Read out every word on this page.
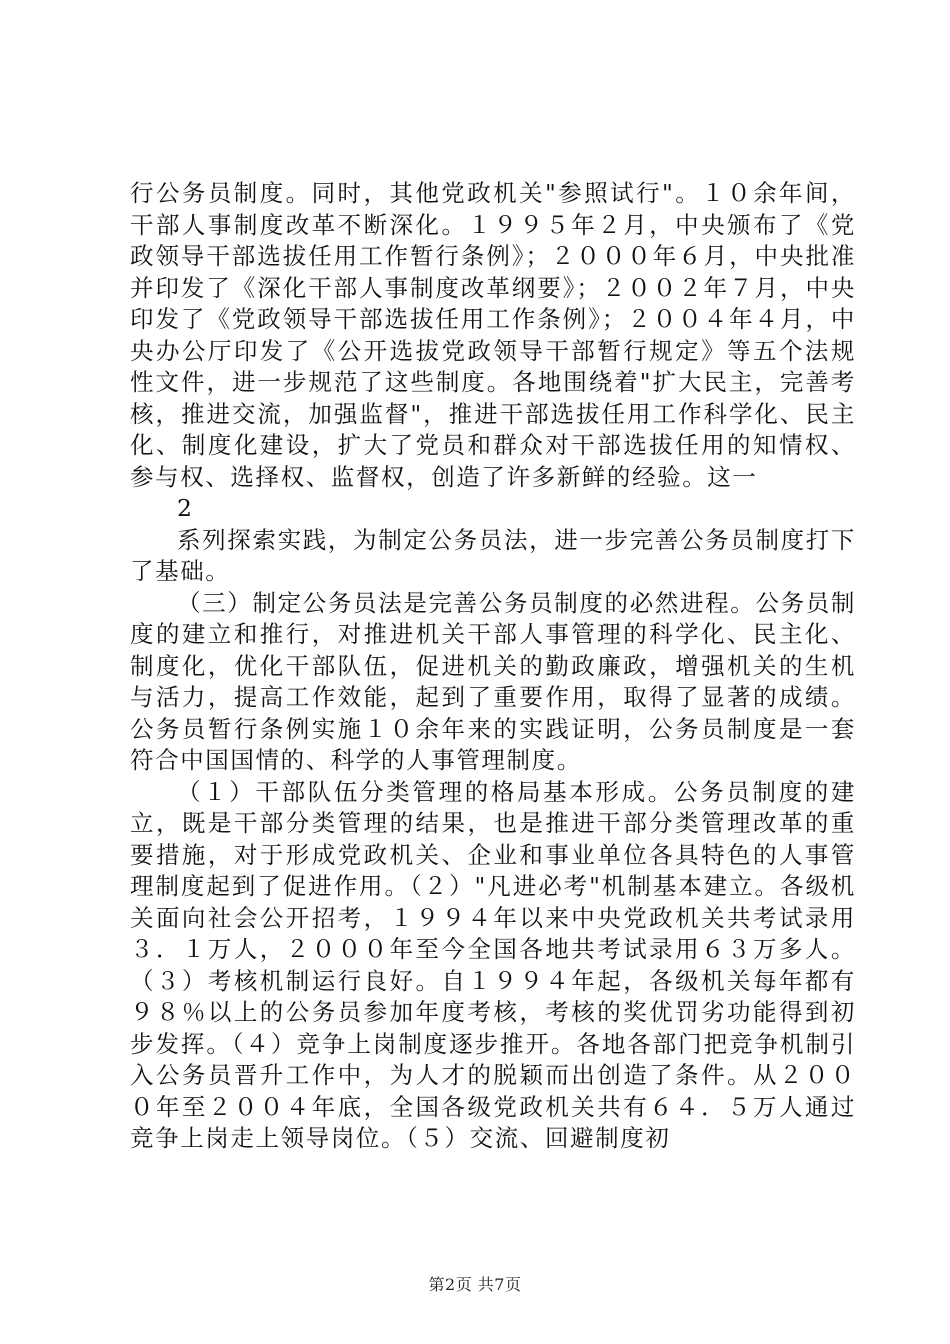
行公务员制度。同时，其他党政机关"参照试行"。１０余年间，干部人事制度改革不断深化。１９９５年２月，中央颁布了《党政领导干部选拔任用工作暂行条例》；２０００年６月，中央批准并印发了《深化干部人事制度改革纲要》；２００２年７月，中央印发了《党政领导干部选拔任用工作条例》；２００４年４月，中央办公厅印发了《公开选拔党政领导干部暂行规定》等五个法规性文件，进一步规范了这些制度。各地围绕着"扩大民主，完善考核，推进交流，加强监督"，推进干部选拔任用工作科学化、民主化、制度化建设，扩大了党员和群众对干部选拔任用的知情权、参与权、选择权、监督权，创造了许多新鲜的经验。这一

2

系列探索实践，为制定公务员法，进一步完善公务员制度打下了基础。

（三）制定公务员法是完善公务员制度的必然进程。公务员制度的建立和推行，对推进机关干部人事管理的科学化、民主化、制度化，优化干部队伍，促进机关的勤政廉政，增强机关的生机与活力，提高工作效能，起到了重要作用，取得了显著的成绩。公务员暂行条例实施１０余年来的实践证明，公务员制度是一套符合中国国情的、科学的人事管理制度。

（１）干部队伍分类管理的格局基本形成。公务员制度的建立，既是干部分类管理的结果，也是推进干部分类管理改革的重要措施，对于形成党政机关、企业和事业单位各具特色的人事管理制度起到了促进作用。（２）"凡进必考"机制基本建立。各级机关面向社会公开招考，１９９４年以来中央党政机关共考试录用３．１万人，２０００年至今全国各地共考试录用６３万多人。（３）考核机制运行良好。自１９９４年起，各级机关每年都有９８％以上的公务员参加年度考核，考核的奖优罚劣功能得到初步发挥。（４）竞争上岗制度逐步推开。各地各部门把竞争机制引入公务员晋升工作中，为人才的脱颖而出创造了条件。从２０００年至２００４年底，全国各级党政机关共有６４．５万人通过竞争上岗走上领导岗位。（５）交流、回避制度初

第2页 共7页
